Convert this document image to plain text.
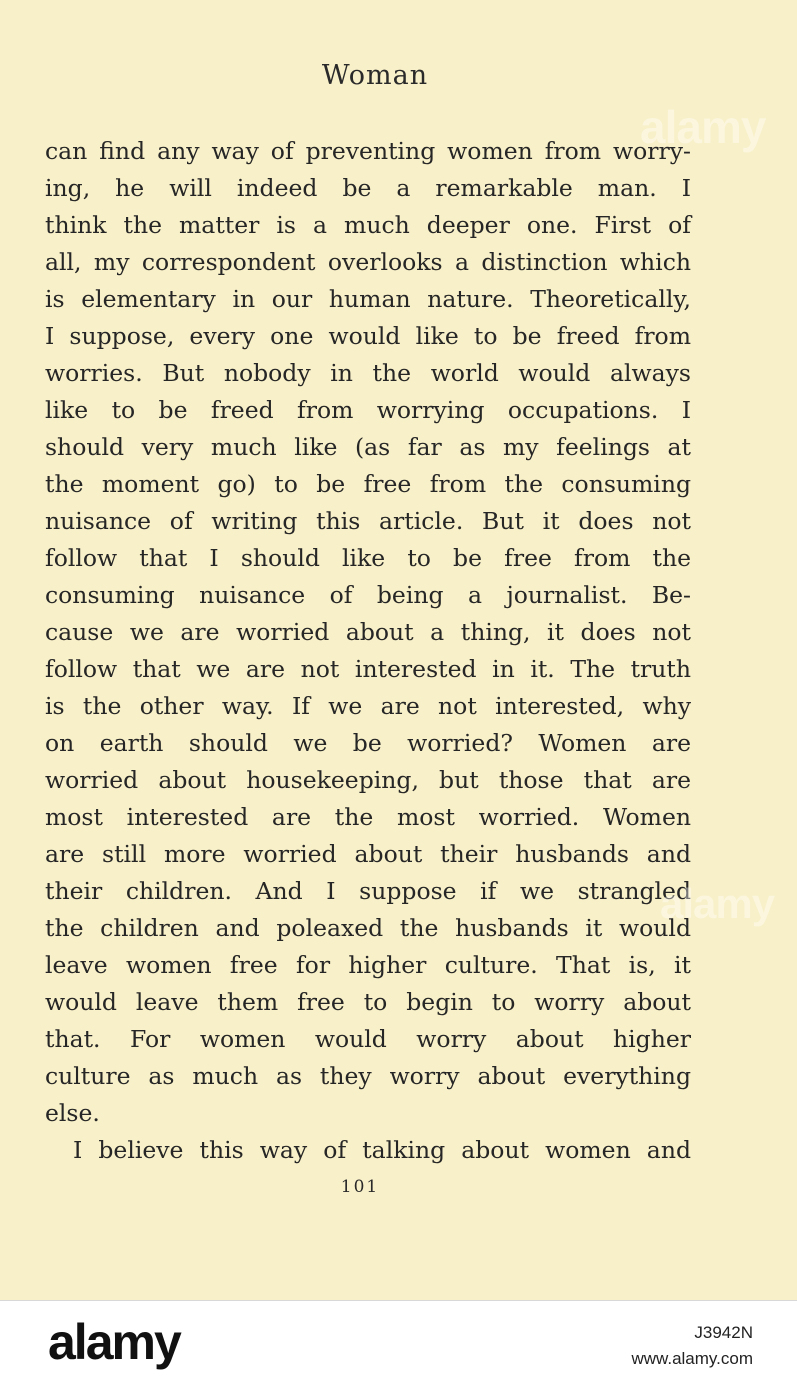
Woman
can find any way of preventing women from worry-
ing, he will indeed be a remarkable man. I
think the matter is a much deeper one. First of
all, my correspondent overlooks a distinction which
is elementary in our human nature. Theoretically,
I suppose, every one would like to be freed from
worries. But nobody in the world would always
like to be freed from worrying occupations. I
should very much like (as far as my feelings at
the moment go) to be free from the consuming
nuisance of writing this article. But it does not
follow that I should like to be free from the
consuming nuisance of being a journalist. Be-
cause we are worried about a thing, it does not
follow that we are not interested in it. The truth
is the other way. If we are not interested, why
on earth should we be worried? Women are
worried about housekeeping, but those that are
most interested are the most worried. Women
are still more worried about their husbands and
their children. And I suppose if we strangled
the children and poleaxed the husbands it would
leave women free for higher culture. That is, it
would leave them free to begin to worry about
that. For women would worry about higher
culture as much as they worry about everything
else.
I believe this way of talking about women and
101
alamy
alamy
alamy	J3942N
www.alamy.com
